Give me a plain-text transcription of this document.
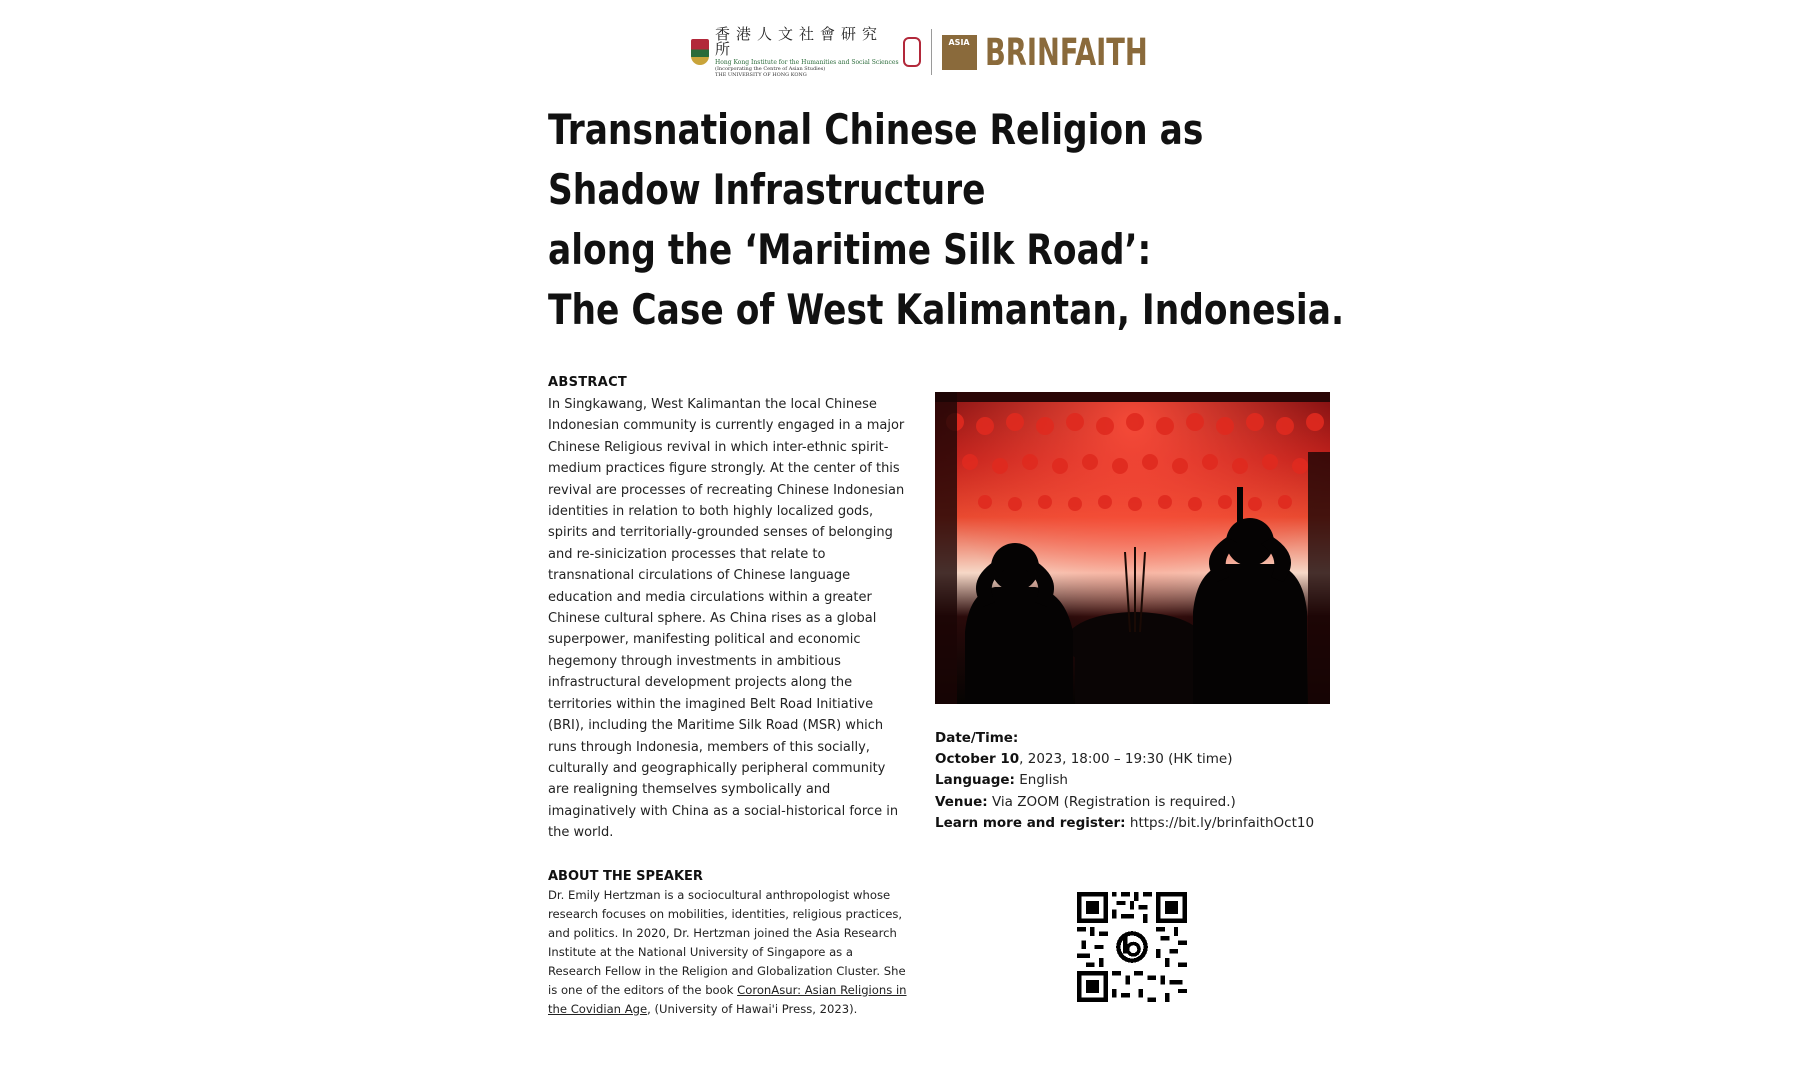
香港人文社會研究所
Hong Kong Institute for the Humanities and Social Sciences
(Incorporating the Centre of Asian Studies)
THE UNIVERSITY OF HONG KONG
ASIA BRINFAITH
Transnational Chinese Religion as
Shadow Infrastructure
along the ‘Maritime Silk Road’:
The Case of West Kalimantan, Indonesia.
ABSTRACT

In Singkawang, West Kalimantan the local Chinese Indonesian community is currently engaged in a major Chinese Religious revival in which inter-ethnic spirit-medium practices figure strongly. At the center of this revival are processes of recreating Chinese Indonesian identities in relation to both highly localized gods, spirits and territorially-grounded senses of belonging and re-sinicization processes that relate to transnational circulations of Chinese language education and media circulations within a greater Chinese cultural sphere. As China rises as a global superpower, manifesting political and economic hegemony through investments in ambitious infrastructural development projects along the territories within the imagined Belt Road Initiative (BRI), including the Maritime Silk Road (MSR) which runs through Indonesia, members of this socially, culturally and geographically peripheral community are realigning themselves symbolically and imaginatively with China as a social-historical force in the world.

ABOUT THE SPEAKER

Dr. Emily Hertzman is a sociocultural anthropologist whose research focuses on mobilities, identities, religious practices, and politics. In 2020, Dr. Hertzman joined the Asia Research Institute at the National University of Singapore as a Research Fellow in the Religion and Globalization Cluster. She is one of the editors of the book CoronAsur: Asian Religions in the Covidian Age, (University of Hawai'i Press, 2023).

Date/Time:
October 10, 2023, 18:00 – 19:30 (HK time)
Language: English
Venue: Via ZOOM (Registration is required.)
Learn more and register: https://bit.ly/brinfaithOct10
